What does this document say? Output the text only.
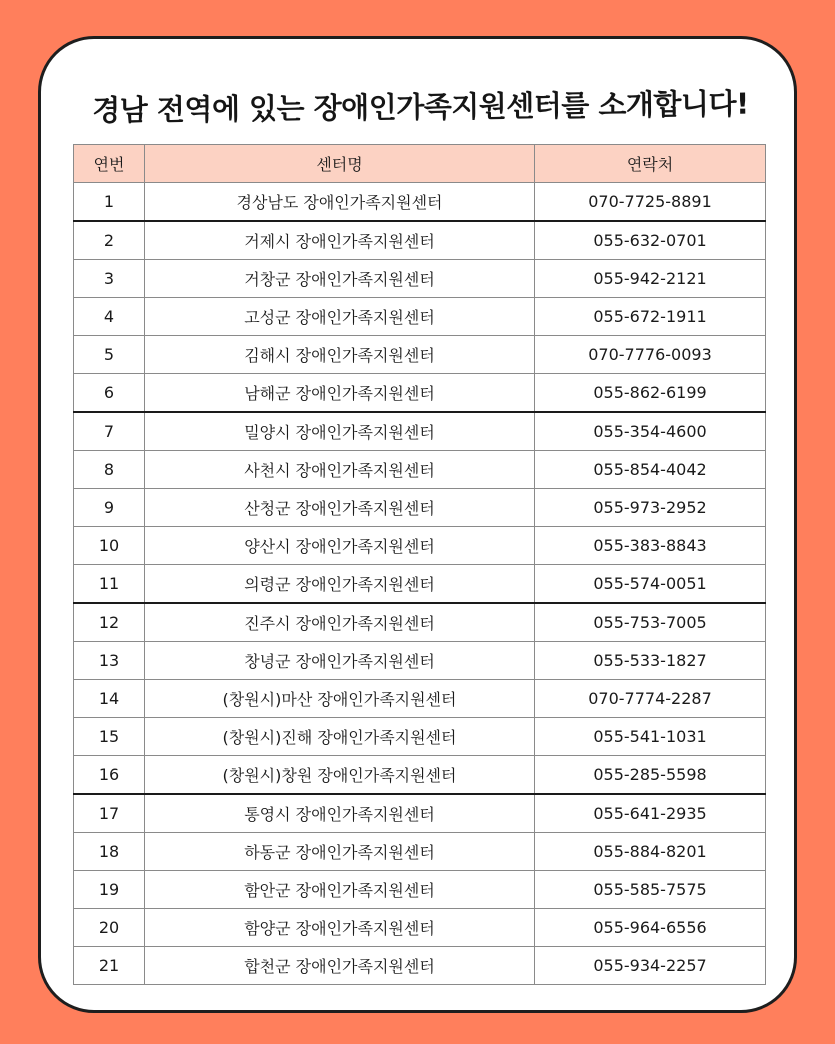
경남 전역에 있는 장애인가족지원센터를 소개합니다!
연번	센터명	연락처
1	경상남도 장애인가족지원센터	070-7725-8891
2	거제시 장애인가족지원센터	055-632-0701
3	거창군 장애인가족지원센터	055-942-2121
4	고성군 장애인가족지원센터	055-672-1911
5	김해시 장애인가족지원센터	070-7776-0093
6	남해군 장애인가족지원센터	055-862-6199
7	밀양시 장애인가족지원센터	055-354-4600
8	사천시 장애인가족지원센터	055-854-4042
9	산청군 장애인가족지원센터	055-973-2952
10	양산시 장애인가족지원센터	055-383-8843
11	의령군 장애인가족지원센터	055-574-0051
12	진주시 장애인가족지원센터	055-753-7005
13	창녕군 장애인가족지원센터	055-533-1827
14	(창원시)마산 장애인가족지원센터	070-7774-2287
15	(창원시)진해 장애인가족지원센터	055-541-1031
16	(창원시)창원 장애인가족지원센터	055-285-5598
17	통영시 장애인가족지원센터	055-641-2935
18	하동군 장애인가족지원센터	055-884-8201
19	함안군 장애인가족지원센터	055-585-7575
20	함양군 장애인가족지원센터	055-964-6556
21	합천군 장애인가족지원센터	055-934-2257
